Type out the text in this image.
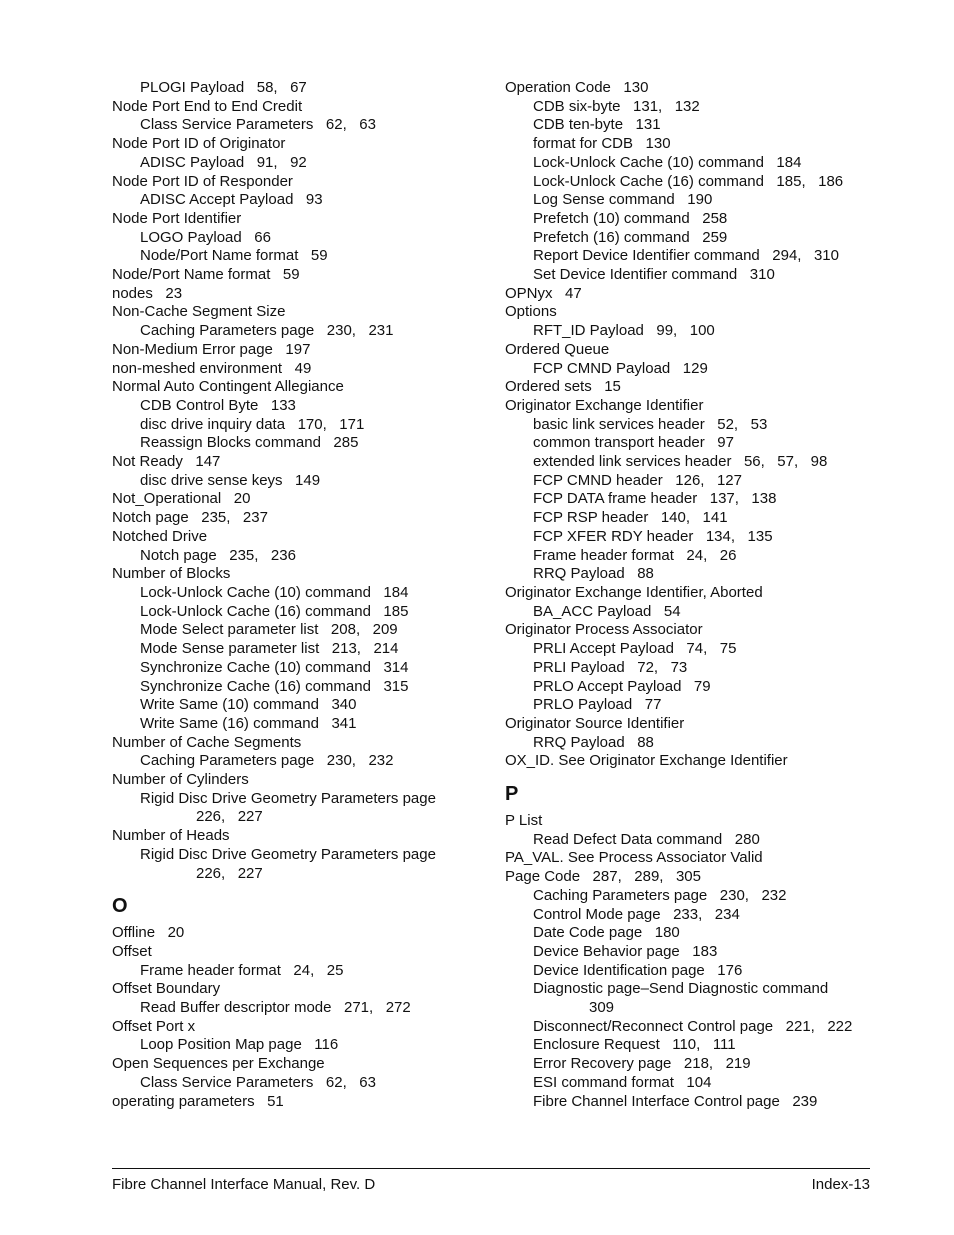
PLOGI Payload   58,   67
Node Port End to End Credit
Class Service Parameters   62,   63
Node Port ID of Originator
ADISC Payload   91,   92
Node Port ID of Responder
ADISC Accept Payload   93
Node Port Identifier
LOGO Payload   66
Node/Port Name format   59
Node/Port Name format   59
nodes   23
Non-Cache Segment Size
Caching Parameters page   230,   231
Non-Medium Error page   197
non-meshed environment   49
Normal Auto Contingent Allegiance
CDB Control Byte   133
disc drive inquiry data   170,   171
Reassign Blocks command   285
Not Ready   147
disc drive sense keys   149
Not_Operational   20
Notch page   235,   237
Notched Drive
Notch page   235,   236
Number of Blocks
Lock-Unlock Cache (10) command   184
Lock-Unlock Cache (16) command   185
Mode Select parameter list   208,   209
Mode Sense parameter list   213,   214
Synchronize Cache (10) command   314
Synchronize Cache (16) command   315
Write Same (10) command   340
Write Same (16) command   341
Number of Cache Segments
Caching Parameters page   230,   232
Number of Cylinders
Rigid Disc Drive Geometry Parameters page
226,   227
Number of Heads
Rigid Disc Drive Geometry Parameters page
226,   227
O
Offline   20
Offset
Frame header format   24,   25
Offset Boundary
Read Buffer descriptor mode   271,   272
Offset Port x
Loop Position Map page   116
Open Sequences per Exchange
Class Service Parameters   62,   63
operating parameters   51
Operation Code   130
CDB six-byte   131,   132
CDB ten-byte   131
format for CDB   130
Lock-Unlock Cache (10) command   184
Lock-Unlock Cache (16) command   185,   186
Log Sense command   190
Prefetch (10) command   258
Prefetch (16) command   259
Report Device Identifier command   294,   310
Set Device Identifier command   310
OPNyx   47
Options
RFT_ID Payload   99,   100
Ordered Queue
FCP CMND Payload   129
Ordered sets   15
Originator Exchange Identifier
basic link services header   52,   53
common transport header   97
extended link services header   56,   57,   98
FCP CMND header   126,   127
FCP DATA frame header   137,   138
FCP RSP header   140,   141
FCP XFER RDY header   134,   135
Frame header format   24,   26
RRQ Payload   88
Originator Exchange Identifier, Aborted
BA_ACC Payload   54
Originator Process Associator
PRLI Accept Payload   74,   75
PRLI Payload   72,   73
PRLO Accept Payload   79
PRLO Payload   77
Originator Source Identifier
RRQ Payload   88
OX_ID. See Originator Exchange Identifier
P
P List
Read Defect Data command   280
PA_VAL. See Process Associator Valid
Page Code   287,   289,   305
Caching Parameters page   230,   232
Control Mode page   233,   234
Date Code page   180
Device Behavior page   183
Device Identification page   176
Diagnostic page–Send Diagnostic command
309
Disconnect/Reconnect Control page   221,   222
Enclosure Request   110,   111
Error Recovery page   218,   219
ESI command format   104
Fibre Channel Interface Control page   239
Fibre Channel Interface Manual, Rev. D	Index-13
